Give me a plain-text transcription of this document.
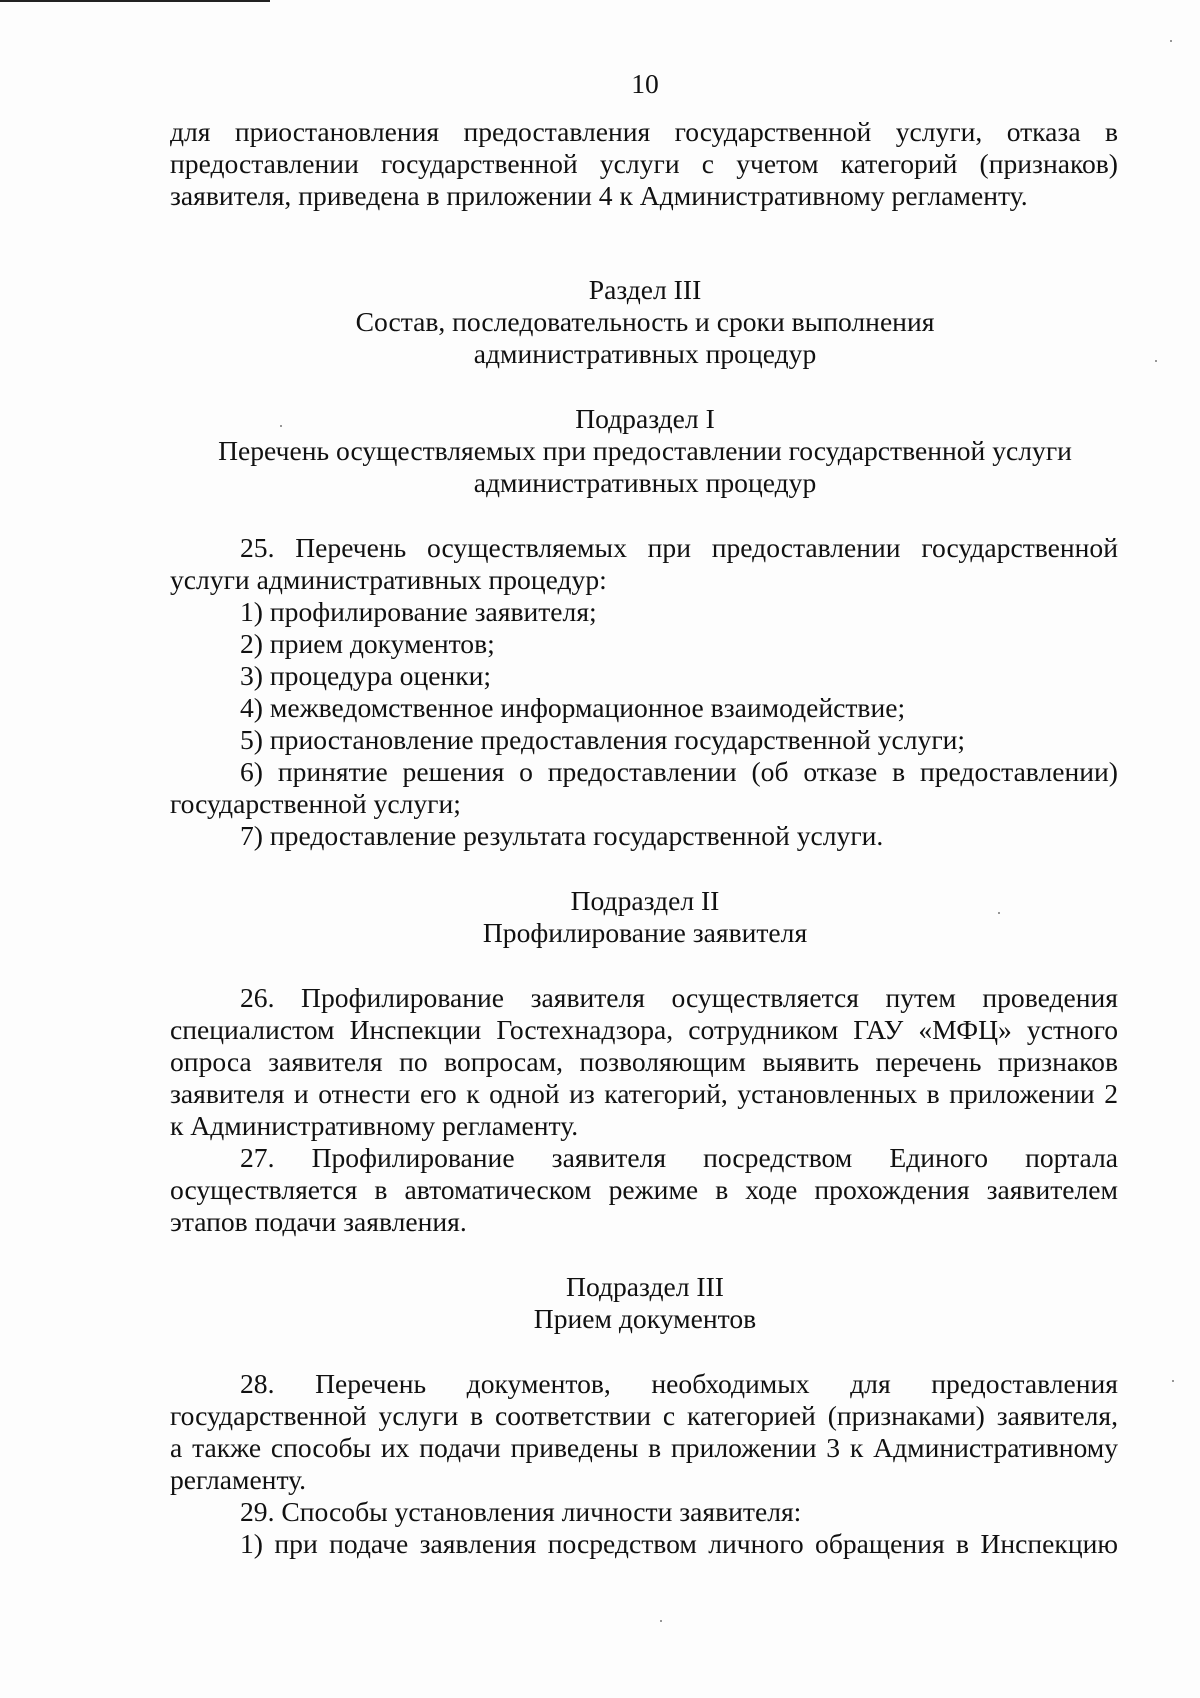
10
для приостановления предоставления государственной услуги, отказа в
предоставлении государственной услуги с учетом категорий (признаков)
заявителя, приведена в приложении 4 к Административному регламенту.
Раздел III
Состав, последовательность и сроки выполнения
административных процедур
Подраздел I
Перечень осуществляемых при предоставлении государственной услуги
административных процедур
25. Перечень осуществляемых при предоставлении государственной
услуги административных процедур:
1) профилирование заявителя;
2) прием документов;
3) процедура оценки;
4) межведомственное информационное взаимодействие;
5) приостановление предоставления государственной услуги;
6) принятие решения о предоставлении (об отказе в предоставлении)
государственной услуги;
7) предоставление результата государственной услуги.
Подраздел II
Профилирование заявителя
26. Профилирование заявителя осуществляется путем проведения
специалистом Инспекции Гостехнадзора, сотрудником ГАУ «МФЦ» устного
опроса заявителя по вопросам, позволяющим выявить перечень признаков
заявителя и отнести его к одной из категорий, установленных в приложении 2
к Административному регламенту.
27. Профилирование заявителя посредством Единого портала
осуществляется в автоматическом режиме в ходе прохождения заявителем
этапов подачи заявления.
Подраздел III
Прием документов
28. Перечень документов, необходимых для предоставления
государственной услуги в соответствии с категорией (признаками) заявителя,
а также способы их подачи приведены в приложении 3 к Административному
регламенту.
29. Способы установления личности заявителя:
1) при подаче заявления посредством личного обращения в Инспекцию
